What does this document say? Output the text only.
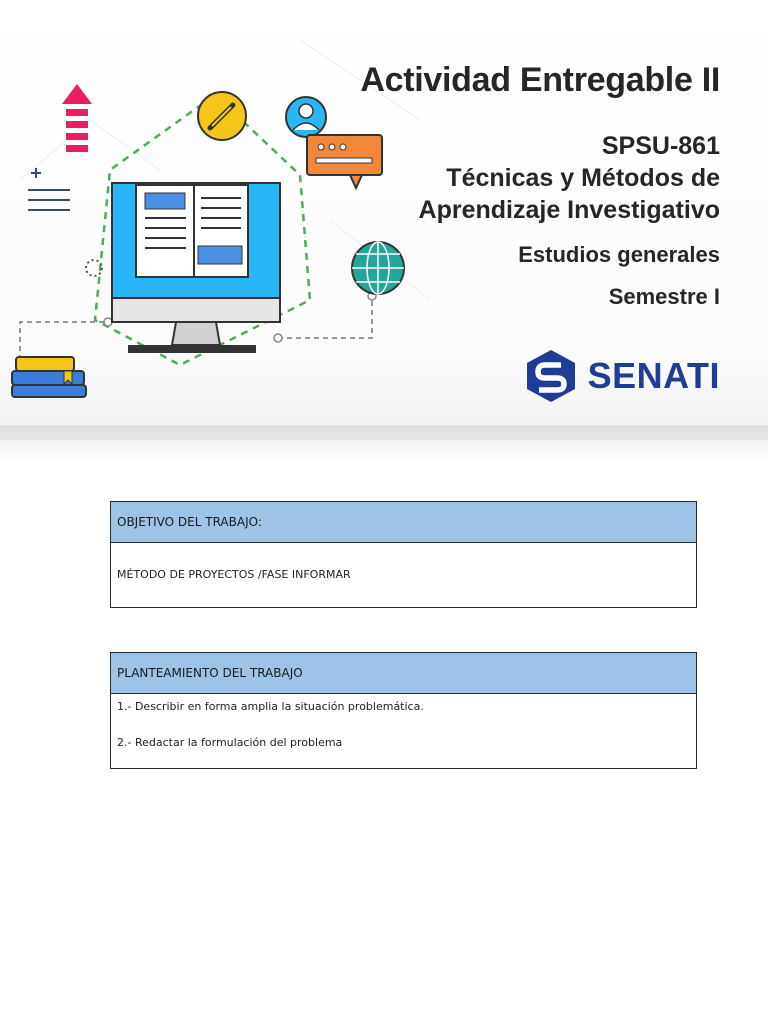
Actividad Entregable II
SPSU-861
Técnicas y Métodos de
Aprendizaje Investigativo
Estudios generales
Semestre I
SENATI
OBJETIVO DEL TRABAJO:
MÉTODO DE PROYECTOS /FASE INFORMAR
PLANTEAMIENTO DEL TRABAJO
1.- Describir en forma amplia la situación problemática.
2.- Redactar la formulación del problema
